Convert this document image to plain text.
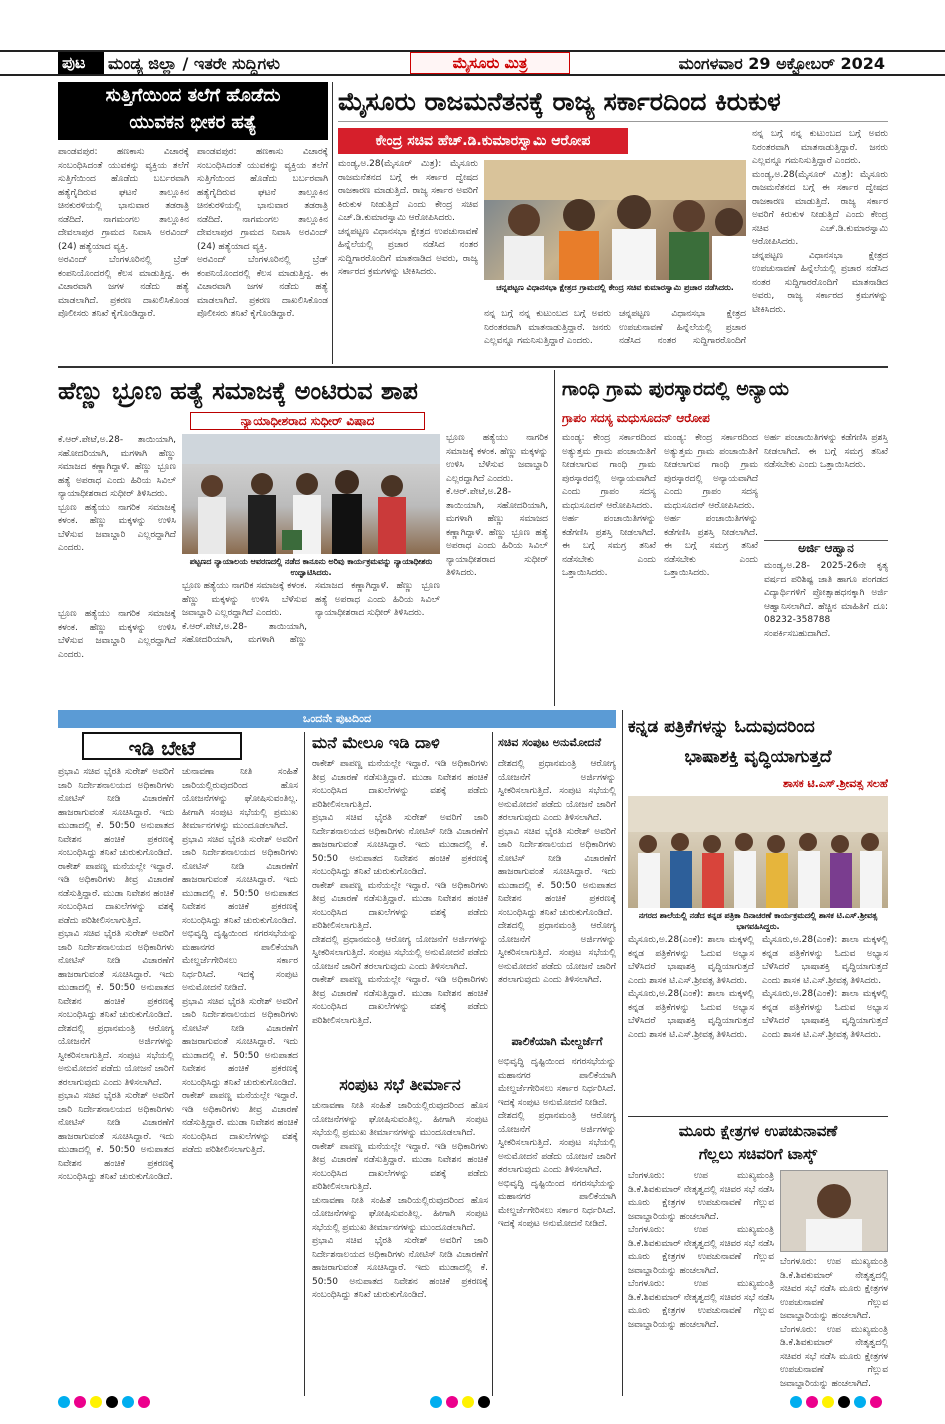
ಪುಟ	ಮಂಡ್ಯ ಜಿಲ್ಲಾ / ಇತರೇ ಸುದ್ದಿಗಳು	ಮೈಸೂರು ಮಿತ್ರ	ಮಂಗಳವಾರ 29 ಅಕ್ಟೋಬರ್ 2024
ಸುತ್ತಿಗೆಯಿಂದ ತಲೆಗೆ ಹೊಡೆದು
ಯುವಕನ ಭೀಕರ ಹತ್ಯೆ

ಪಾಂಡವಪುರ: ಹಣಕಾಸು ವಿಚಾರಕ್ಕೆ ಸಂಬಂಧಿಸಿದಂತೆ ಯುವಕನ್ನು ವ್ಯಕ್ತಿಯ ತಲೆಗೆ ಸುತ್ತಿಗೆಯಿಂದ ಹೊಡೆದು ಬರ್ಬರವಾಗಿ ಹತ್ಯೆಗೈದಿರುವ ಘಟನೆ ತಾಲ್ಲೂಕಿನ ಚಿನಕುರಳಿಯಲ್ಲಿ ಭಾನುವಾರ ತಡರಾತ್ರಿ ನಡೆದಿದೆ. ನಾಗಮಂಗಲ ತಾಲ್ಲೂಕಿನ ದೇವಲಾಪುರ ಗ್ರಾಮದ ನಿವಾಸಿ ಅರವಿಂದ್ (24) ಹತ್ಯೆಯಾದ ವ್ಯಕ್ತಿ.

ಅರವಿಂದ್ ಬೆಂಗಳೂರಿನಲ್ಲಿ ಬ್ರೆಡ್ ಕಂಪನಿಯೊಂದರಲ್ಲಿ ಕೆಲಸ ಮಾಡುತ್ತಿದ್ದ. ಈ ವಿಚಾರವಾಗಿ ಜಗಳ ನಡೆದು ಹತ್ಯೆ ಮಾಡಲಾಗಿದೆ. ಪ್ರಕರಣ ದಾಖಲಿಸಿಕೊಂಡ ಪೊಲೀಸರು ತನಿಖೆ ಕೈಗೊಂಡಿದ್ದಾರೆ.

ಪಾಂಡವಪುರ: ಹಣಕಾಸು ವಿಚಾರಕ್ಕೆ ಸಂಬಂಧಿಸಿದಂತೆ ಯುವಕನ್ನು ವ್ಯಕ್ತಿಯ ತಲೆಗೆ ಸುತ್ತಿಗೆಯಿಂದ ಹೊಡೆದು ಬರ್ಬರವಾಗಿ ಹತ್ಯೆಗೈದಿರುವ ಘಟನೆ ತಾಲ್ಲೂಕಿನ ಚಿನಕುರಳಿಯಲ್ಲಿ ಭಾನುವಾರ ತಡರಾತ್ರಿ ನಡೆದಿದೆ. ನಾಗಮಂಗಲ ತಾಲ್ಲೂಕಿನ ದೇವಲಾಪುರ ಗ್ರಾಮದ ನಿವಾಸಿ ಅರವಿಂದ್ (24) ಹತ್ಯೆಯಾದ ವ್ಯಕ್ತಿ.

ಅರವಿಂದ್ ಬೆಂಗಳೂರಿನಲ್ಲಿ ಬ್ರೆಡ್ ಕಂಪನಿಯೊಂದರಲ್ಲಿ ಕೆಲಸ ಮಾಡುತ್ತಿದ್ದ. ಈ ವಿಚಾರವಾಗಿ ಜಗಳ ನಡೆದು ಹತ್ಯೆ ಮಾಡಲಾಗಿದೆ. ಪ್ರಕರಣ ದಾಖಲಿಸಿಕೊಂಡ ಪೊಲೀಸರು ತನಿಖೆ ಕೈಗೊಂಡಿದ್ದಾರೆ.

ಮೈಸೂರು ರಾಜಮನೆತನಕ್ಕೆ ರಾಜ್ಯ ಸರ್ಕಾರದಿಂದ ಕಿರುಕುಳ
ಕೇಂದ್ರ ಸಚಿವ ಹೆಚ್.ಡಿ.ಕುಮಾರಸ್ವಾಮಿ ಆರೋಪ

ಮಂಡ್ಯ,ಅ.28(ಮೈಸೂರ್ ಮಿತ್ರ): ಮೈಸೂರು ರಾಜಮನೆತನದ ಬಗ್ಗೆ ಈ ಸರ್ಕಾರ ದ್ವೇಷದ ರಾಜಕಾರಣ ಮಾಡುತ್ತಿದೆ. ರಾಜ್ಯ ಸರ್ಕಾರ ಅವರಿಗೆ ಕಿರುಕುಳ ನೀಡುತ್ತಿದೆ ಎಂದು ಕೇಂದ್ರ ಸಚಿವ ಎಚ್.ಡಿ.ಕುಮಾರಸ್ವಾಮಿ ಆರೋಪಿಸಿದರು.

ಚನ್ನಪಟ್ಟಣ ವಿಧಾನಸಭಾ ಕ್ಷೇತ್ರದ ಉಪಚುನಾವಣೆ ಹಿನ್ನೆಲೆಯಲ್ಲಿ ಪ್ರಚಾರ ನಡೆಸಿದ ನಂತರ ಸುದ್ದಿಗಾರರೊಂದಿಗೆ ಮಾತನಾಡಿದ ಅವರು, ರಾಜ್ಯ ಸರ್ಕಾರದ ಕ್ರಮಗಳನ್ನು ಟೀಕಿಸಿದರು.

ಚನ್ನಪಟ್ಟಣ ವಿಧಾನಸಭಾ ಕ್ಷೇತ್ರದ ಗ್ರಾಮದಲ್ಲಿ ಕೇಂದ್ರ ಸಚಿವ ಕುಮಾರಸ್ವಾಮಿ ಪ್ರಚಾರ ನಡೆಸಿದರು.

ನನ್ನ ಬಗ್ಗೆ ನನ್ನ ಕುಟುಂಬದ ಬಗ್ಗೆ ಅವರು ನಿರಂತರವಾಗಿ ಮಾತನಾಡುತ್ತಿದ್ದಾರೆ. ಜನರು ಎಲ್ಲವನ್ನೂ ಗಮನಿಸುತ್ತಿದ್ದಾರೆ ಎಂದರು.

ಚನ್ನಪಟ್ಟಣ ವಿಧಾನಸಭಾ ಕ್ಷೇತ್ರದ ಉಪಚುನಾವಣೆ ಹಿನ್ನೆಲೆಯಲ್ಲಿ ಪ್ರಚಾರ ನಡೆಸಿದ ನಂತರ ಸುದ್ದಿಗಾರರೊಂದಿಗೆ

ನನ್ನ ಬಗ್ಗೆ ನನ್ನ ಕುಟುಂಬದ ಬಗ್ಗೆ ಅವರು ನಿರಂತರವಾಗಿ ಮಾತನಾಡುತ್ತಿದ್ದಾರೆ. ಜನರು ಎಲ್ಲವನ್ನೂ ಗಮನಿಸುತ್ತಿದ್ದಾರೆ ಎಂದರು.

ಮಂಡ್ಯ,ಅ.28(ಮೈಸೂರ್ ಮಿತ್ರ): ಮೈಸೂರು ರಾಜಮನೆತನದ ಬಗ್ಗೆ ಈ ಸರ್ಕಾರ ದ್ವೇಷದ ರಾಜಕಾರಣ ಮಾಡುತ್ತಿದೆ. ರಾಜ್ಯ ಸರ್ಕಾರ ಅವರಿಗೆ ಕಿರುಕುಳ ನೀಡುತ್ತಿದೆ ಎಂದು ಕೇಂದ್ರ ಸಚಿವ ಎಚ್.ಡಿ.ಕುಮಾರಸ್ವಾಮಿ ಆರೋಪಿಸಿದರು.

ಚನ್ನಪಟ್ಟಣ ವಿಧಾನಸಭಾ ಕ್ಷೇತ್ರದ ಉಪಚುನಾವಣೆ ಹಿನ್ನೆಲೆಯಲ್ಲಿ ಪ್ರಚಾರ ನಡೆಸಿದ ನಂತರ ಸುದ್ದಿಗಾರರೊಂದಿಗೆ ಮಾತನಾಡಿದ ಅವರು, ರಾಜ್ಯ ಸರ್ಕಾರದ ಕ್ರಮಗಳನ್ನು ಟೀಕಿಸಿದರು.

ಹೆಣ್ಣು ಭ್ರೂಣ ಹತ್ಯೆ ಸಮಾಜಕ್ಕೆ ಅಂಟಿರುವ ಶಾಪ
ನ್ಯಾಯಾಧೀಶರಾದ ಸುಧೀರ್ ವಿಷಾದ

ಕೆ.ಆರ್.ಪೇಟೆ,ಅ.28- ತಾಯಿಯಾಗಿ, ಸಹೋದರಿಯಾಗಿ, ಮಗಳಾಗಿ ಹೆಣ್ಣು ಸಮಾಜದ ಕಣ್ಣಾಗಿದ್ದಾಳೆ. ಹೆಣ್ಣು ಭ್ರೂಣ ಹತ್ಯೆ ಅಪರಾಧ ಎಂದು ಹಿರಿಯ ಸಿವಿಲ್ ನ್ಯಾಯಾಧೀಶರಾದ ಸುಧೀರ್ ತಿಳಿಸಿದರು.

ಭ್ರೂಣ ಹತ್ಯೆಯು ನಾಗರಿಕ ಸಮಾಜಕ್ಕೆ ಕಳಂಕ. ಹೆಣ್ಣು ಮಕ್ಕಳನ್ನು ಉಳಿಸಿ ಬೆಳೆಸುವ ಜವಾಬ್ದಾರಿ ಎಲ್ಲರದ್ದಾಗಿದೆ ಎಂದರು.

ಪಟ್ಟಣದ ನ್ಯಾಯಾಲಯ ಆವರಣದಲ್ಲಿ ನಡೆದ ಕಾನೂನು ಅರಿವು ಕಾರ್ಯಕ್ರಮವನ್ನು ನ್ಯಾಯಾಧೀಶರು ಉದ್ಘಾಟಿಸಿದರು.

ಭ್ರೂಣ ಹತ್ಯೆಯು ನಾಗರಿಕ ಸಮಾಜಕ್ಕೆ ಕಳಂಕ. ಹೆಣ್ಣು ಮಕ್ಕಳನ್ನು ಉಳಿಸಿ ಬೆಳೆಸುವ ಜವಾಬ್ದಾರಿ ಎಲ್ಲರದ್ದಾಗಿದೆ ಎಂದರು.

ಕೆ.ಆರ್.ಪೇಟೆ,ಅ.28- ತಾಯಿಯಾಗಿ, ಸಹೋದರಿಯಾಗಿ, ಮಗಳಾಗಿ ಹೆಣ್ಣು ಸಮಾಜದ ಕಣ್ಣಾಗಿದ್ದಾಳೆ. ಹೆಣ್ಣು ಭ್ರೂಣ ಹತ್ಯೆ ಅಪರಾಧ ಎಂದು ಹಿರಿಯ ಸಿವಿಲ್ ನ್ಯಾಯಾಧೀಶರಾದ ಸುಧೀರ್ ತಿಳಿಸಿದರು.

ಭ್ರೂಣ ಹತ್ಯೆಯು ನಾಗರಿಕ ಸಮಾಜಕ್ಕೆ ಕಳಂಕ. ಹೆಣ್ಣು ಮಕ್ಕಳನ್ನು ಉಳಿಸಿ ಬೆಳೆಸುವ ಜವಾಬ್ದಾರಿ ಎಲ್ಲರದ್ದಾಗಿದೆ ಎಂದರು.

ಕೆ.ಆರ್.ಪೇಟೆ,ಅ.28- ತಾಯಿಯಾಗಿ, ಸಹೋದರಿಯಾಗಿ, ಮಗಳಾಗಿ ಹೆಣ್ಣು ಸಮಾಜದ ಕಣ್ಣಾಗಿದ್ದಾಳೆ. ಹೆಣ್ಣು ಭ್ರೂಣ ಹತ್ಯೆ ಅಪರಾಧ ಎಂದು ಹಿರಿಯ ಸಿವಿಲ್ ನ್ಯಾಯಾಧೀಶರಾದ ಸುಧೀರ್ ತಿಳಿಸಿದರು.

ಭ್ರೂಣ ಹತ್ಯೆಯು ನಾಗರಿಕ ಸಮಾಜಕ್ಕೆ ಕಳಂಕ. ಹೆಣ್ಣು ಮಕ್ಕಳನ್ನು ಉಳಿಸಿ ಬೆಳೆಸುವ ಜವಾಬ್ದಾರಿ ಎಲ್ಲರದ್ದಾಗಿದೆ ಎಂದರು.

ಗಾಂಧಿ ಗ್ರಾಮ ಪುರಸ್ಕಾರದಲ್ಲಿ ಅನ್ಯಾಯ
ಗ್ರಾಪಂ ಸದಸ್ಯ ಮಧುಸೂದನ್ ಆರೋಪ

ಮಂಡ್ಯ: ಕೇಂದ್ರ ಸರ್ಕಾರದಿಂದ ಅತ್ಯುತ್ತಮ ಗ್ರಾಮ ಪಂಚಾಯಿತಿಗೆ ನೀಡಲಾಗುವ ಗಾಂಧಿ ಗ್ರಾಮ ಪುರಸ್ಕಾರದಲ್ಲಿ ಅನ್ಯಾಯವಾಗಿದೆ ಎಂದು ಗ್ರಾಪಂ ಸದಸ್ಯ ಮಧುಸೂದನ್ ಆರೋಪಿಸಿದರು.

ಅರ್ಹ ಪಂಚಾಯಿತಿಗಳನ್ನು ಕಡೆಗಣಿಸಿ ಪ್ರಶಸ್ತಿ ನೀಡಲಾಗಿದೆ. ಈ ಬಗ್ಗೆ ಸಮಗ್ರ ತನಿಖೆ ನಡೆಸಬೇಕು ಎಂದು ಒತ್ತಾಯಿಸಿದರು.

ಮಂಡ್ಯ: ಕೇಂದ್ರ ಸರ್ಕಾರದಿಂದ ಅತ್ಯುತ್ತಮ ಗ್ರಾಮ ಪಂಚಾಯಿತಿಗೆ ನೀಡಲಾಗುವ ಗಾಂಧಿ ಗ್ರಾಮ ಪುರಸ್ಕಾರದಲ್ಲಿ ಅನ್ಯಾಯವಾಗಿದೆ ಎಂದು ಗ್ರಾಪಂ ಸದಸ್ಯ ಮಧುಸೂದನ್ ಆರೋಪಿಸಿದರು.

ಅರ್ಹ ಪಂಚಾಯಿತಿಗಳನ್ನು ಕಡೆಗಣಿಸಿ ಪ್ರಶಸ್ತಿ ನೀಡಲಾಗಿದೆ. ಈ ಬಗ್ಗೆ ಸಮಗ್ರ ತನಿಖೆ ನಡೆಸಬೇಕು ಎಂದು ಒತ್ತಾಯಿಸಿದರು.

ಅರ್ಹ ಪಂಚಾಯಿತಿಗಳನ್ನು ಕಡೆಗಣಿಸಿ ಪ್ರಶಸ್ತಿ ನೀಡಲಾಗಿದೆ. ಈ ಬಗ್ಗೆ ಸಮಗ್ರ ತನಿಖೆ ನಡೆಸಬೇಕು ಎಂದು ಒತ್ತಾಯಿಸಿದರು.

ಅರ್ಜಿ ಆಹ್ವಾನ

ಮಂಡ್ಯ,ಅ.28- 2025-26ನೇ ಕೃತ್ಯ ವರ್ಷದ ಪರಿಶಿಷ್ಟ ಜಾತಿ ಹಾಗೂ ಪಂಗಡದ ವಿದ್ಯಾರ್ಥಿಗಳಿಗೆ ಪ್ರೋತ್ಸಾಹಧನಕ್ಕಾಗಿ ಅರ್ಜಿ ಆಹ್ವಾನಿಸಲಾಗಿದೆ. ಹೆಚ್ಚಿನ ಮಾಹಿತಿಗೆ ದೂ: 08232-358788 ಸಂಪರ್ಕಿಸಬಹುದಾಗಿದೆ.

ಒಂದನೇ ಪುಟದಿಂದ
ಇಡಿ ಬೇಟೆ

ಪ್ರಭಾವಿ ಸಚಿವ ಭೈರತಿ ಸುರೇಶ್ ಅವರಿಗೆ ಜಾರಿ ನಿರ್ದೇಶನಾಲಯದ ಅಧಿಕಾರಿಗಳು ನೋಟಿಸ್ ನೀಡಿ ವಿಚಾರಣೆಗೆ ಹಾಜರಾಗುವಂತೆ ಸೂಚಿಸಿದ್ದಾರೆ. ಇದು ಮುಡಾದಲ್ಲಿ ಕೆ. 50:50 ಅನುಪಾತದ ನಿವೇಶನ ಹಂಚಿಕೆ ಪ್ರಕರಣಕ್ಕೆ ಸಂಬಂಧಿಸಿದ್ದು ತನಿಖೆ ಚುರುಕುಗೊಂಡಿದೆ.

ರಾಕೇಶ್ ಪಾಪಣ್ಣ ಮನೆಯಲ್ಲೇ ಇದ್ದಾರೆ. ಇಡಿ ಅಧಿಕಾರಿಗಳು ತೀವ್ರ ವಿಚಾರಣೆ ನಡೆಸುತ್ತಿದ್ದಾರೆ. ಮುಡಾ ನಿವೇಶನ ಹಂಚಿಕೆ ಸಂಬಂಧಿಸಿದ ದಾಖಲೆಗಳನ್ನು ವಶಕ್ಕೆ ಪಡೆದು ಪರಿಶೀಲಿಸಲಾಗುತ್ತಿದೆ.

ಪ್ರಭಾವಿ ಸಚಿವ ಭೈರತಿ ಸುರೇಶ್ ಅವರಿಗೆ ಜಾರಿ ನಿರ್ದೇಶನಾಲಯದ ಅಧಿಕಾರಿಗಳು ನೋಟಿಸ್ ನೀಡಿ ವಿಚಾರಣೆಗೆ ಹಾಜರಾಗುವಂತೆ ಸೂಚಿಸಿದ್ದಾರೆ. ಇದು ಮುಡಾದಲ್ಲಿ ಕೆ. 50:50 ಅನುಪಾತದ ನಿವೇಶನ ಹಂಚಿಕೆ ಪ್ರಕರಣಕ್ಕೆ ಸಂಬಂಧಿಸಿದ್ದು ತನಿಖೆ ಚುರುಕುಗೊಂಡಿದೆ.

ದೇಶದಲ್ಲಿ ಪ್ರಧಾನಮಂತ್ರಿ ಆರೋಗ್ಯ ಯೋಜನೆಗೆ ಅರ್ಜಿಗಳನ್ನು ಸ್ವೀಕರಿಸಲಾಗುತ್ತಿದೆ. ಸಂಪುಟ ಸಭೆಯಲ್ಲಿ ಅನುಮೋದನೆ ಪಡೆದು ಯೋಜನೆ ಜಾರಿಗೆ ತರಲಾಗುವುದು ಎಂದು ತಿಳಿಸಲಾಗಿದೆ.

ಪ್ರಭಾವಿ ಸಚಿವ ಭೈರತಿ ಸುರೇಶ್ ಅವರಿಗೆ ಜಾರಿ ನಿರ್ದೇಶನಾಲಯದ ಅಧಿಕಾರಿಗಳು ನೋಟಿಸ್ ನೀಡಿ ವಿಚಾರಣೆಗೆ ಹಾಜರಾಗುವಂತೆ ಸೂಚಿಸಿದ್ದಾರೆ. ಇದು ಮುಡಾದಲ್ಲಿ ಕೆ. 50:50 ಅನುಪಾತದ ನಿವೇಶನ ಹಂಚಿಕೆ ಪ್ರಕರಣಕ್ಕೆ ಸಂಬಂಧಿಸಿದ್ದು ತನಿಖೆ ಚುರುಕುಗೊಂಡಿದೆ.

ಚುನಾವಣಾ ನೀತಿ ಸಂಹಿತೆ ಜಾರಿಯಲ್ಲಿರುವುದರಿಂದ ಹೊಸ ಯೋಜನೆಗಳನ್ನು ಘೋಷಿಸುವಂತಿಲ್ಲ. ಹೀಗಾಗಿ ಸಂಪುಟ ಸಭೆಯಲ್ಲಿ ಪ್ರಮುಖ ತೀರ್ಮಾನಗಳನ್ನು ಮುಂದೂಡಲಾಗಿದೆ.

ಪ್ರಭಾವಿ ಸಚಿವ ಭೈರತಿ ಸುರೇಶ್ ಅವರಿಗೆ ಜಾರಿ ನಿರ್ದೇಶನಾಲಯದ ಅಧಿಕಾರಿಗಳು ನೋಟಿಸ್ ನೀಡಿ ವಿಚಾರಣೆಗೆ ಹಾಜರಾಗುವಂತೆ ಸೂಚಿಸಿದ್ದಾರೆ. ಇದು ಮುಡಾದಲ್ಲಿ ಕೆ. 50:50 ಅನುಪಾತದ ನಿವೇಶನ ಹಂಚಿಕೆ ಪ್ರಕರಣಕ್ಕೆ ಸಂಬಂಧಿಸಿದ್ದು ತನಿಖೆ ಚುರುಕುಗೊಂಡಿದೆ.

ಅಭಿವೃದ್ಧಿ ದೃಷ್ಟಿಯಿಂದ ನಗರಸಭೆಯನ್ನು ಮಹಾನಗರ ಪಾಲಿಕೆಯಾಗಿ ಮೇಲ್ದರ್ಜೆಗೇರಿಸಲು ಸರ್ಕಾರ ನಿರ್ಧರಿಸಿದೆ. ಇದಕ್ಕೆ ಸಂಪುಟ ಅನುಮೋದನೆ ನೀಡಿದೆ.

ಪ್ರಭಾವಿ ಸಚಿವ ಭೈರತಿ ಸುರೇಶ್ ಅವರಿಗೆ ಜಾರಿ ನಿರ್ದೇಶನಾಲಯದ ಅಧಿಕಾರಿಗಳು ನೋಟಿಸ್ ನೀಡಿ ವಿಚಾರಣೆಗೆ ಹಾಜರಾಗುವಂತೆ ಸೂಚಿಸಿದ್ದಾರೆ. ಇದು ಮುಡಾದಲ್ಲಿ ಕೆ. 50:50 ಅನುಪಾತದ ನಿವೇಶನ ಹಂಚಿಕೆ ಪ್ರಕರಣಕ್ಕೆ ಸಂಬಂಧಿಸಿದ್ದು ತನಿಖೆ ಚುರುಕುಗೊಂಡಿದೆ.

ರಾಕೇಶ್ ಪಾಪಣ್ಣ ಮನೆಯಲ್ಲೇ ಇದ್ದಾರೆ. ಇಡಿ ಅಧಿಕಾರಿಗಳು ತೀವ್ರ ವಿಚಾರಣೆ ನಡೆಸುತ್ತಿದ್ದಾರೆ. ಮುಡಾ ನಿವೇಶನ ಹಂಚಿಕೆ ಸಂಬಂಧಿಸಿದ ದಾಖಲೆಗಳನ್ನು ವಶಕ್ಕೆ ಪಡೆದು ಪರಿಶೀಲಿಸಲಾಗುತ್ತಿದೆ.

ಮನೆ ಮೇಲೂ ಇಡಿ ದಾಳಿ

ರಾಕೇಶ್ ಪಾಪಣ್ಣ ಮನೆಯಲ್ಲೇ ಇದ್ದಾರೆ. ಇಡಿ ಅಧಿಕಾರಿಗಳು ತೀವ್ರ ವಿಚಾರಣೆ ನಡೆಸುತ್ತಿದ್ದಾರೆ. ಮುಡಾ ನಿವೇಶನ ಹಂಚಿಕೆ ಸಂಬಂಧಿಸಿದ ದಾಖಲೆಗಳನ್ನು ವಶಕ್ಕೆ ಪಡೆದು ಪರಿಶೀಲಿಸಲಾಗುತ್ತಿದೆ.

ಪ್ರಭಾವಿ ಸಚಿವ ಭೈರತಿ ಸುರೇಶ್ ಅವರಿಗೆ ಜಾರಿ ನಿರ್ದೇಶನಾಲಯದ ಅಧಿಕಾರಿಗಳು ನೋಟಿಸ್ ನೀಡಿ ವಿಚಾರಣೆಗೆ ಹಾಜರಾಗುವಂತೆ ಸೂಚಿಸಿದ್ದಾರೆ. ಇದು ಮುಡಾದಲ್ಲಿ ಕೆ. 50:50 ಅನುಪಾತದ ನಿವೇಶನ ಹಂಚಿಕೆ ಪ್ರಕರಣಕ್ಕೆ ಸಂಬಂಧಿಸಿದ್ದು ತನಿಖೆ ಚುರುಕುಗೊಂಡಿದೆ.

ರಾಕೇಶ್ ಪಾಪಣ್ಣ ಮನೆಯಲ್ಲೇ ಇದ್ದಾರೆ. ಇಡಿ ಅಧಿಕಾರಿಗಳು ತೀವ್ರ ವಿಚಾರಣೆ ನಡೆಸುತ್ತಿದ್ದಾರೆ. ಮುಡಾ ನಿವೇಶನ ಹಂಚಿಕೆ ಸಂಬಂಧಿಸಿದ ದಾಖಲೆಗಳನ್ನು ವಶಕ್ಕೆ ಪಡೆದು ಪರಿಶೀಲಿಸಲಾಗುತ್ತಿದೆ.

ದೇಶದಲ್ಲಿ ಪ್ರಧಾನಮಂತ್ರಿ ಆರೋಗ್ಯ ಯೋಜನೆಗೆ ಅರ್ಜಿಗಳನ್ನು ಸ್ವೀಕರಿಸಲಾಗುತ್ತಿದೆ. ಸಂಪುಟ ಸಭೆಯಲ್ಲಿ ಅನುಮೋದನೆ ಪಡೆದು ಯೋಜನೆ ಜಾರಿಗೆ ತರಲಾಗುವುದು ಎಂದು ತಿಳಿಸಲಾಗಿದೆ.

ರಾಕೇಶ್ ಪಾಪಣ್ಣ ಮನೆಯಲ್ಲೇ ಇದ್ದಾರೆ. ಇಡಿ ಅಧಿಕಾರಿಗಳು ತೀವ್ರ ವಿಚಾರಣೆ ನಡೆಸುತ್ತಿದ್ದಾರೆ. ಮುಡಾ ನಿವೇಶನ ಹಂಚಿಕೆ ಸಂಬಂಧಿಸಿದ ದಾಖಲೆಗಳನ್ನು ವಶಕ್ಕೆ ಪಡೆದು ಪರಿಶೀಲಿಸಲಾಗುತ್ತಿದೆ.

ಸಂಪುಟ ಸಭೆ ತೀರ್ಮಾನ

ಚುನಾವಣಾ ನೀತಿ ಸಂಹಿತೆ ಜಾರಿಯಲ್ಲಿರುವುದರಿಂದ ಹೊಸ ಯೋಜನೆಗಳನ್ನು ಘೋಷಿಸುವಂತಿಲ್ಲ. ಹೀಗಾಗಿ ಸಂಪುಟ ಸಭೆಯಲ್ಲಿ ಪ್ರಮುಖ ತೀರ್ಮಾನಗಳನ್ನು ಮುಂದೂಡಲಾಗಿದೆ.

ರಾಕೇಶ್ ಪಾಪಣ್ಣ ಮನೆಯಲ್ಲೇ ಇದ್ದಾರೆ. ಇಡಿ ಅಧಿಕಾರಿಗಳು ತೀವ್ರ ವಿಚಾರಣೆ ನಡೆಸುತ್ತಿದ್ದಾರೆ. ಮುಡಾ ನಿವೇಶನ ಹಂಚಿಕೆ ಸಂಬಂಧಿಸಿದ ದಾಖಲೆಗಳನ್ನು ವಶಕ್ಕೆ ಪಡೆದು ಪರಿಶೀಲಿಸಲಾಗುತ್ತಿದೆ.

ಚುನಾವಣಾ ನೀತಿ ಸಂಹಿತೆ ಜಾರಿಯಲ್ಲಿರುವುದರಿಂದ ಹೊಸ ಯೋಜನೆಗಳನ್ನು ಘೋಷಿಸುವಂತಿಲ್ಲ. ಹೀಗಾಗಿ ಸಂಪುಟ ಸಭೆಯಲ್ಲಿ ಪ್ರಮುಖ ತೀರ್ಮಾನಗಳನ್ನು ಮುಂದೂಡಲಾಗಿದೆ.

ಪ್ರಭಾವಿ ಸಚಿವ ಭೈರತಿ ಸುರೇಶ್ ಅವರಿಗೆ ಜಾರಿ ನಿರ್ದೇಶನಾಲಯದ ಅಧಿಕಾರಿಗಳು ನೋಟಿಸ್ ನೀಡಿ ವಿಚಾರಣೆಗೆ ಹಾಜರಾಗುವಂತೆ ಸೂಚಿಸಿದ್ದಾರೆ. ಇದು ಮುಡಾದಲ್ಲಿ ಕೆ. 50:50 ಅನುಪಾತದ ನಿವೇಶನ ಹಂಚಿಕೆ ಪ್ರಕರಣಕ್ಕೆ ಸಂಬಂಧಿಸಿದ್ದು ತನಿಖೆ ಚುರುಕುಗೊಂಡಿದೆ.

ಸಚಿವ ಸಂಪುಟ ಅನುಮೋದನೆ

ದೇಶದಲ್ಲಿ ಪ್ರಧಾನಮಂತ್ರಿ ಆರೋಗ್ಯ ಯೋಜನೆಗೆ ಅರ್ಜಿಗಳನ್ನು ಸ್ವೀಕರಿಸಲಾಗುತ್ತಿದೆ. ಸಂಪುಟ ಸಭೆಯಲ್ಲಿ ಅನುಮೋದನೆ ಪಡೆದು ಯೋಜನೆ ಜಾರಿಗೆ ತರಲಾಗುವುದು ಎಂದು ತಿಳಿಸಲಾಗಿದೆ.

ಪ್ರಭಾವಿ ಸಚಿವ ಭೈರತಿ ಸುರೇಶ್ ಅವರಿಗೆ ಜಾರಿ ನಿರ್ದೇಶನಾಲಯದ ಅಧಿಕಾರಿಗಳು ನೋಟಿಸ್ ನೀಡಿ ವಿಚಾರಣೆಗೆ ಹಾಜರಾಗುವಂತೆ ಸೂಚಿಸಿದ್ದಾರೆ. ಇದು ಮುಡಾದಲ್ಲಿ ಕೆ. 50:50 ಅನುಪಾತದ ನಿವೇಶನ ಹಂಚಿಕೆ ಪ್ರಕರಣಕ್ಕೆ ಸಂಬಂಧಿಸಿದ್ದು ತನಿಖೆ ಚುರುಕುಗೊಂಡಿದೆ.

ದೇಶದಲ್ಲಿ ಪ್ರಧಾನಮಂತ್ರಿ ಆರೋಗ್ಯ ಯೋಜನೆಗೆ ಅರ್ಜಿಗಳನ್ನು ಸ್ವೀಕರಿಸಲಾಗುತ್ತಿದೆ. ಸಂಪುಟ ಸಭೆಯಲ್ಲಿ ಅನುಮೋದನೆ ಪಡೆದು ಯೋಜನೆ ಜಾರಿಗೆ ತರಲಾಗುವುದು ಎಂದು ತಿಳಿಸಲಾಗಿದೆ.

ಪಾಲಿಕೆಯಾಗಿ ಮೇಲ್ದರ್ಜೆಗೆ

ಅಭಿವೃದ್ಧಿ ದೃಷ್ಟಿಯಿಂದ ನಗರಸಭೆಯನ್ನು ಮಹಾನಗರ ಪಾಲಿಕೆಯಾಗಿ ಮೇಲ್ದರ್ಜೆಗೇರಿಸಲು ಸರ್ಕಾರ ನಿರ್ಧರಿಸಿದೆ. ಇದಕ್ಕೆ ಸಂಪುಟ ಅನುಮೋದನೆ ನೀಡಿದೆ.

ದೇಶದಲ್ಲಿ ಪ್ರಧಾನಮಂತ್ರಿ ಆರೋಗ್ಯ ಯೋಜನೆಗೆ ಅರ್ಜಿಗಳನ್ನು ಸ್ವೀಕರಿಸಲಾಗುತ್ತಿದೆ. ಸಂಪುಟ ಸಭೆಯಲ್ಲಿ ಅನುಮೋದನೆ ಪಡೆದು ಯೋಜನೆ ಜಾರಿಗೆ ತರಲಾಗುವುದು ಎಂದು ತಿಳಿಸಲಾಗಿದೆ.

ಅಭಿವೃದ್ಧಿ ದೃಷ್ಟಿಯಿಂದ ನಗರಸಭೆಯನ್ನು ಮಹಾನಗರ ಪಾಲಿಕೆಯಾಗಿ ಮೇಲ್ದರ್ಜೆಗೇರಿಸಲು ಸರ್ಕಾರ ನಿರ್ಧರಿಸಿದೆ. ಇದಕ್ಕೆ ಸಂಪುಟ ಅನುಮೋದನೆ ನೀಡಿದೆ.

ಕನ್ನಡ ಪತ್ರಿಕೆಗಳನ್ನು ಓದುವುದರಿಂದ
ಭಾಷಾಶಕ್ತಿ ವೃದ್ಧಿಯಾಗುತ್ತದೆ
ಶಾಸಕ ಟಿ.ಎಸ್.ಶ್ರೀವತ್ಸ ಸಲಹೆ
ನಗರದ ಶಾಲೆಯಲ್ಲಿ ನಡೆದ ಕನ್ನಡ ಪತ್ರಿಕಾ ದಿನಾಚರಣೆ ಕಾರ್ಯಕ್ರಮದಲ್ಲಿ ಶಾಸಕ ಟಿ.ಎಸ್.ಶ್ರೀವತ್ಸ ಭಾಗವಹಿಸಿದ್ದರು.

ಮೈಸೂರು,ಅ.28(ಎಂಕೆ): ಶಾಲಾ ಮಕ್ಕಳಲ್ಲಿ ಕನ್ನಡ ಪತ್ರಿಕೆಗಳನ್ನು ಓದುವ ಅಭ್ಯಾಸ ಬೆಳೆಸಿದರೆ ಭಾಷಾಶಕ್ತಿ ವೃದ್ಧಿಯಾಗುತ್ತದೆ ಎಂದು ಶಾಸಕ ಟಿ.ಎಸ್.ಶ್ರೀವತ್ಸ ತಿಳಿಸಿದರು.

ಮೈಸೂರು,ಅ.28(ಎಂಕೆ): ಶಾಲಾ ಮಕ್ಕಳಲ್ಲಿ ಕನ್ನಡ ಪತ್ರಿಕೆಗಳನ್ನು ಓದುವ ಅಭ್ಯಾಸ ಬೆಳೆಸಿದರೆ ಭಾಷಾಶಕ್ತಿ ವೃದ್ಧಿಯಾಗುತ್ತದೆ ಎಂದು ಶಾಸಕ ಟಿ.ಎಸ್.ಶ್ರೀವತ್ಸ ತಿಳಿಸಿದರು.

ಮೈಸೂರು,ಅ.28(ಎಂಕೆ): ಶಾಲಾ ಮಕ್ಕಳಲ್ಲಿ ಕನ್ನಡ ಪತ್ರಿಕೆಗಳನ್ನು ಓದುವ ಅಭ್ಯಾಸ ಬೆಳೆಸಿದರೆ ಭಾಷಾಶಕ್ತಿ ವೃದ್ಧಿಯಾಗುತ್ತದೆ ಎಂದು ಶಾಸಕ ಟಿ.ಎಸ್.ಶ್ರೀವತ್ಸ ತಿಳಿಸಿದರು.

ಮೈಸೂರು,ಅ.28(ಎಂಕೆ): ಶಾಲಾ ಮಕ್ಕಳಲ್ಲಿ ಕನ್ನಡ ಪತ್ರಿಕೆಗಳನ್ನು ಓದುವ ಅಭ್ಯಾಸ ಬೆಳೆಸಿದರೆ ಭಾಷಾಶಕ್ತಿ ವೃದ್ಧಿಯಾಗುತ್ತದೆ ಎಂದು ಶಾಸಕ ಟಿ.ಎಸ್.ಶ್ರೀವತ್ಸ ತಿಳಿಸಿದರು.

ಮೂರು ಕ್ಷೇತ್ರಗಳ ಉಪಚುನಾವಣೆ
ಗೆಲ್ಲಲು ಸಚಿವರಿಗೆ ಟಾಸ್ಕ್

ಬೆಂಗಳೂರು: ಉಪ ಮುಖ್ಯಮಂತ್ರಿ ಡಿ.ಕೆ.ಶಿವಕುಮಾರ್ ನೇತೃತ್ವದಲ್ಲಿ ಸಚಿವರ ಸಭೆ ನಡೆಸಿ ಮೂರು ಕ್ಷೇತ್ರಗಳ ಉಪಚುನಾವಣೆ ಗೆಲ್ಲುವ ಜವಾಬ್ದಾರಿಯನ್ನು ಹಂಚಲಾಗಿದೆ.

ಬೆಂಗಳೂರು: ಉಪ ಮುಖ್ಯಮಂತ್ರಿ ಡಿ.ಕೆ.ಶಿವಕುಮಾರ್ ನೇತೃತ್ವದಲ್ಲಿ ಸಚಿವರ ಸಭೆ ನಡೆಸಿ ಮೂರು ಕ್ಷೇತ್ರಗಳ ಉಪಚುನಾವಣೆ ಗೆಲ್ಲುವ ಜವಾಬ್ದಾರಿಯನ್ನು ಹಂಚಲಾಗಿದೆ.

ಬೆಂಗಳೂರು: ಉಪ ಮುಖ್ಯಮಂತ್ರಿ ಡಿ.ಕೆ.ಶಿವಕುಮಾರ್ ನೇತೃತ್ವದಲ್ಲಿ ಸಚಿವರ ಸಭೆ ನಡೆಸಿ ಮೂರು ಕ್ಷೇತ್ರಗಳ ಉಪಚುನಾವಣೆ ಗೆಲ್ಲುವ ಜವಾಬ್ದಾರಿಯನ್ನು ಹಂಚಲಾಗಿದೆ.

ಬೆಂಗಳೂರು: ಉಪ ಮುಖ್ಯಮಂತ್ರಿ ಡಿ.ಕೆ.ಶಿವಕುಮಾರ್ ನೇತೃತ್ವದಲ್ಲಿ ಸಚಿವರ ಸಭೆ ನಡೆಸಿ ಮೂರು ಕ್ಷೇತ್ರಗಳ ಉಪಚುನಾವಣೆ ಗೆಲ್ಲುವ ಜವಾಬ್ದಾರಿಯನ್ನು ಹಂಚಲಾಗಿದೆ.

ಬೆಂಗಳೂರು: ಉಪ ಮುಖ್ಯಮಂತ್ರಿ ಡಿ.ಕೆ.ಶಿವಕುಮಾರ್ ನೇತೃತ್ವದಲ್ಲಿ ಸಚಿವರ ಸಭೆ ನಡೆಸಿ ಮೂರು ಕ್ಷೇತ್ರಗಳ ಉಪಚುನಾವಣೆ ಗೆಲ್ಲುವ ಜವಾಬ್ದಾರಿಯನ್ನು ಹಂಚಲಾಗಿದೆ.
